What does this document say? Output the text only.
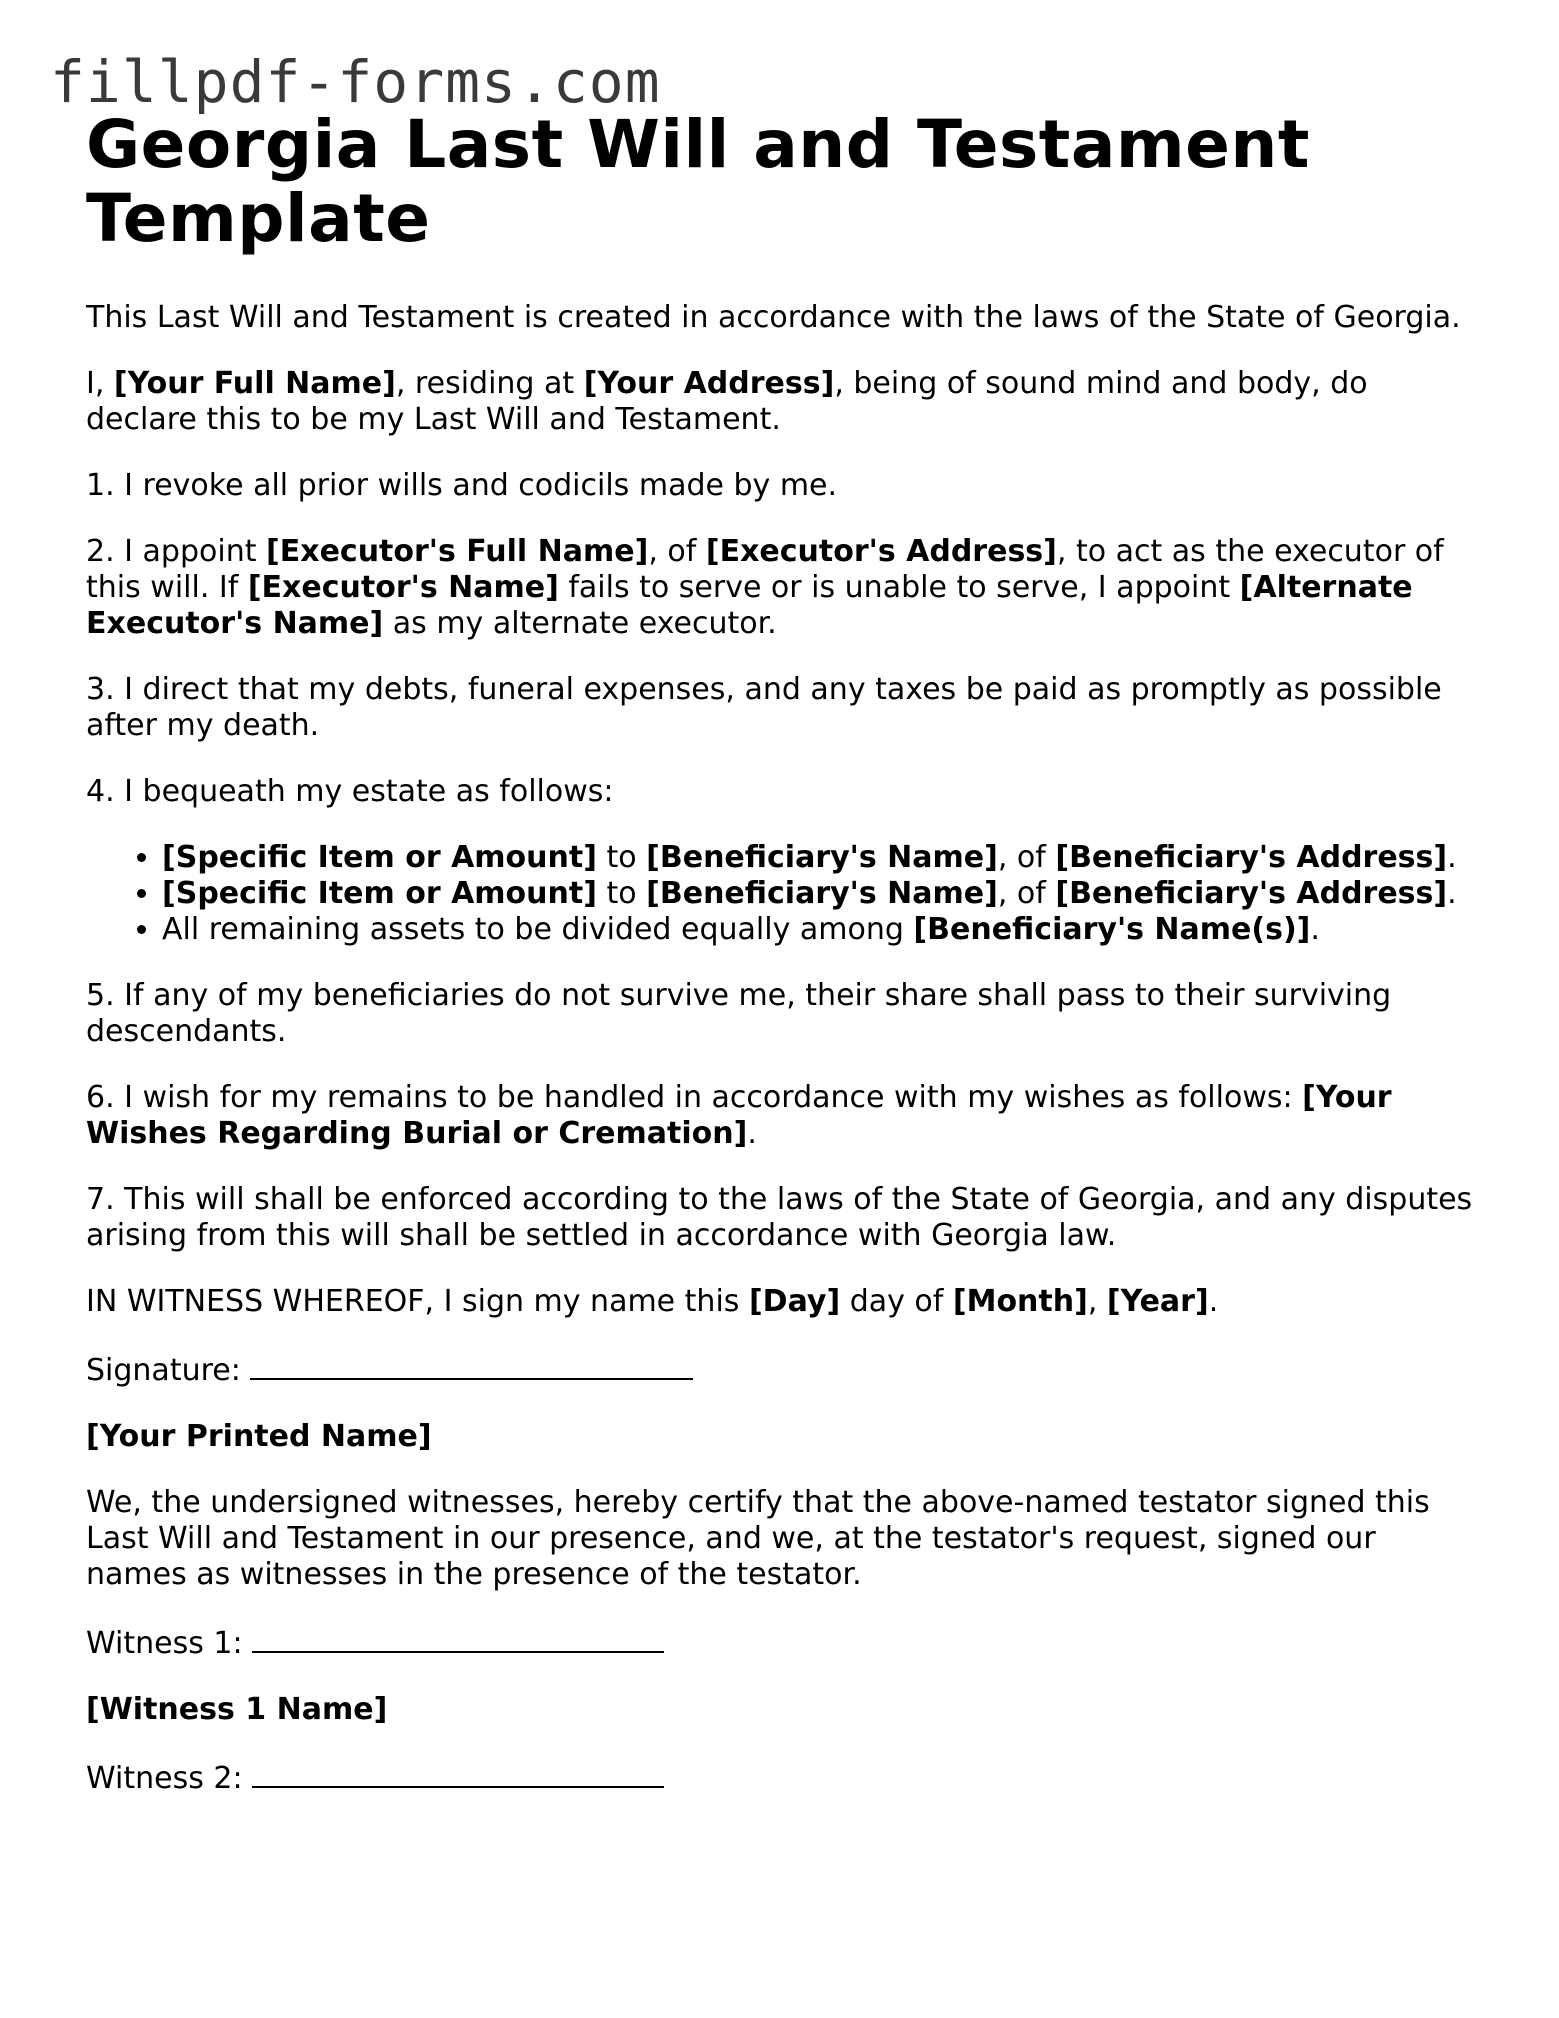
fillpdf-forms.com
Georgia Last Will and Testament Template

This Last Will and Testament is created in accordance with the laws of the State of Georgia.

I, [Your Full Name], residing at [Your Address], being of sound mind and body, do declare this to be my Last Will and Testament.

1. I revoke all prior wills and codicils made by me.

2. I appoint [Executor's Full Name], of [Executor's Address], to act as the executor of this will. If [Executor's Name] fails to serve or is unable to serve, I appoint [Alternate Executor's Name] as my alternate executor.

3. I direct that my debts, funeral expenses, and any taxes be paid as promptly as possible after my death.

4. I bequeath my estate as follows:

• [Specific Item or Amount] to [Beneficiary's Name], of [Beneficiary's Address].
• [Specific Item or Amount] to [Beneficiary's Name], of [Beneficiary's Address].
• All remaining assets to be divided equally among [Beneficiary's Name(s)].

5. If any of my beneficiaries do not survive me, their share shall pass to their surviving descendants.

6. I wish for my remains to be handled in accordance with my wishes as follows: [Your Wishes Regarding Burial or Cremation].

7. This will shall be enforced according to the laws of the State of Georgia, and any disputes arising from this will shall be settled in accordance with Georgia law.

IN WITNESS WHEREOF, I sign my name this [Day] day of [Month], [Year].

Signature:

[Your Printed Name]

We, the undersigned witnesses, hereby certify that the above-named testator signed this Last Will and Testament in our presence, and we, at the testator's request, signed our names as witnesses in the presence of the testator.

Witness 1:

[Witness 1 Name]

Witness 2:
